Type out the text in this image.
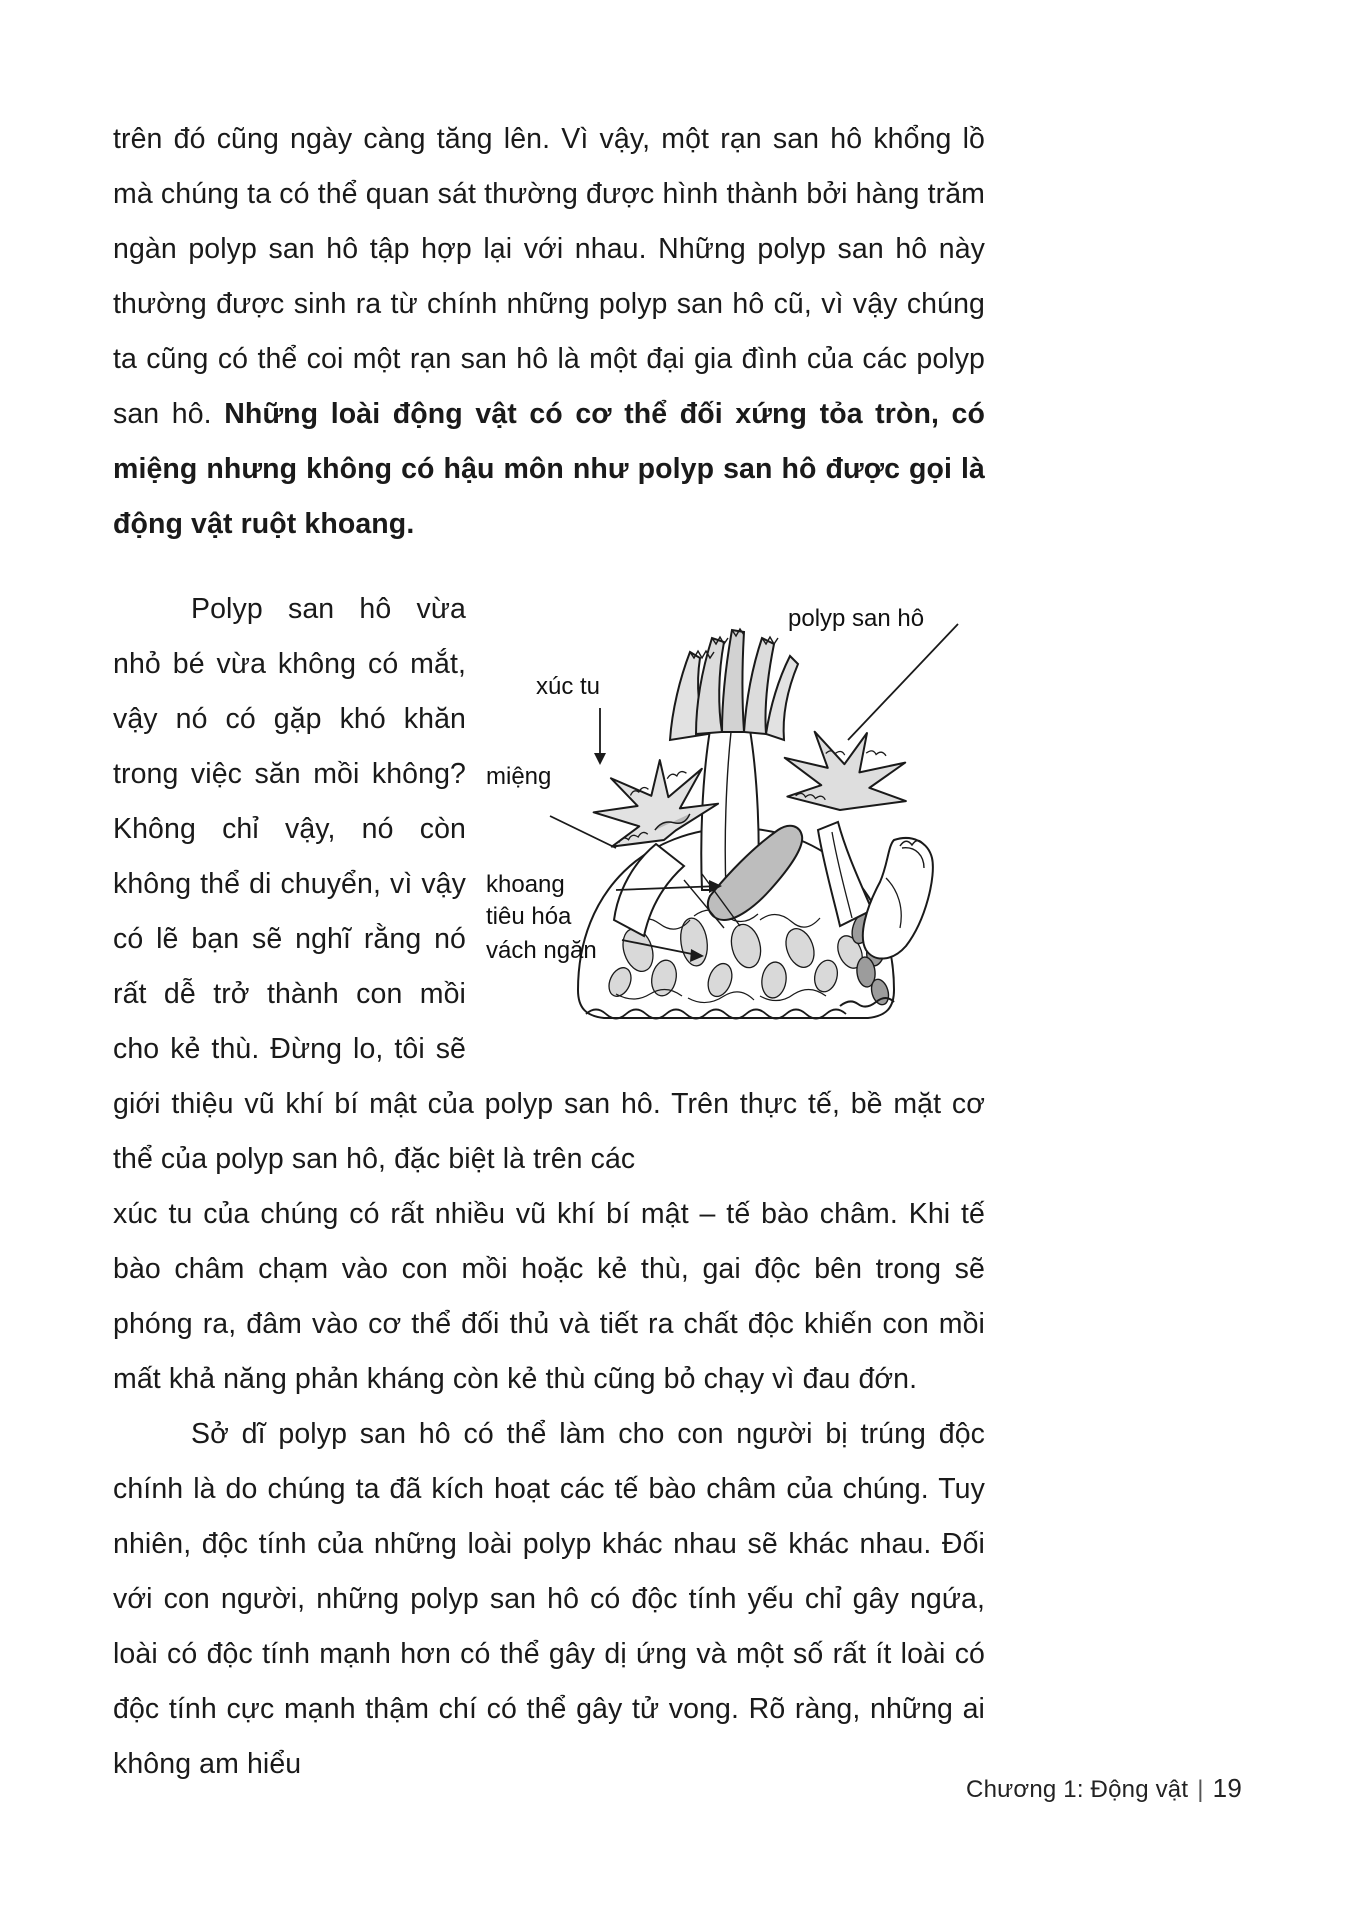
trên đó cũng ngày càng tăng lên. Vì vậy, một rạn san hô khổng lồ mà chúng ta có thể quan sát thường được hình thành bởi hàng trăm ngàn polyp san hô tập hợp lại với nhau. Những polyp san hô này thường được sinh ra từ chính những polyp san hô cũ, vì vậy chúng ta cũng có thể coi một rạn san hô là một đại gia đình của các polyp san hô. Những loài động vật có cơ thể đối xứng tỏa tròn, có miệng nhưng không có hậu môn như polyp san hô được gọi là động vật ruột khoang.

polyp san hô
xúc tu
miệng
khoang
tiêu hóa
vách ngăn

Polyp san hô vừa nhỏ bé vừa không có mắt, vậy nó có gặp khó khăn trong việc săn mồi không? Không chỉ vậy, nó còn không thể di chuyển, vì vậy có lẽ bạn sẽ nghĩ rằng nó rất dễ trở thành con mồi cho kẻ thù. Đừng lo, tôi sẽ giới thiệu vũ khí bí mật của polyp san hô. Trên thực tế, bề mặt cơ thể của polyp san hô, đặc biệt là trên các

xúc tu của chúng có rất nhiều vũ khí bí mật – tế bào châm. Khi tế bào châm chạm vào con mồi hoặc kẻ thù, gai độc bên trong sẽ phóng ra, đâm vào cơ thể đối thủ và tiết ra chất độc khiến con mồi mất khả năng phản kháng còn kẻ thù cũng bỏ chạy vì đau đớn.

Sở dĩ polyp san hô có thể làm cho con người bị trúng độc chính là do chúng ta đã kích hoạt các tế bào châm của chúng. Tuy nhiên, độc tính của những loài polyp khác nhau sẽ khác nhau. Đối với con người, những polyp san hô có độc tính yếu chỉ gây ngứa, loài có độc tính mạnh hơn có thể gây dị ứng và một số rất ít loài có độc tính cực mạnh thậm chí có thể gây tử vong. Rõ ràng, những ai không am hiểu

Chương 1: Động vật | 19
